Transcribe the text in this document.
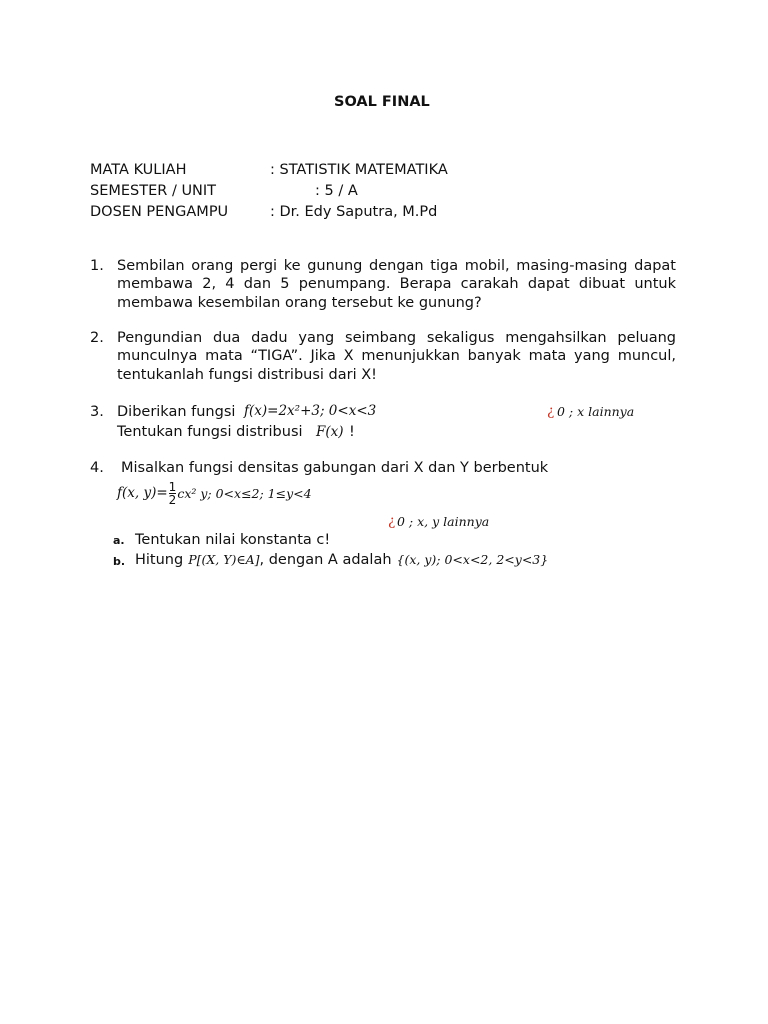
SOAL FINAL
MATA KULIAH	: STATISTIK MATEMATIKA
SEMESTER / UNIT	: 5 / A
DOSEN PENGAMPU	: Dr. Edy Saputra, M.Pd
1. Sembilan orang pergi ke gunung dengan tiga mobil, masing-masing dapat membawa 2, 4 dan 5 penumpang. Berapa carakah dapat dibuat untuk membawa kesembilan orang tersebut ke gunung?
2. Pengundian dua dadu yang seimbang sekaligus mengahsilkan peluang munculnya mata “TIGA”. Jika X menunjukkan banyak mata yang muncul, tentukanlah fungsi distribusi dari X!
3. Diberikan fungsi f(x)=2x²+3; 0<x<3	¿ 0 ; x lainnya
Tentukan fungsi distribusi F(x) !
4. Misalkan fungsi densitas gabungan dari X dan Y berbentuk
f(x, $y)= \frac{1}{2} cx^2$ y; 0<x≤2; 1≤y<4
¿ 0 ; x, y lainnya
a. Tentukan nilai konstanta c!
b. Hitung P[(X, Y)∈A] , dengan A adalah {(x, y); 0<x<2, 2<y<3}
